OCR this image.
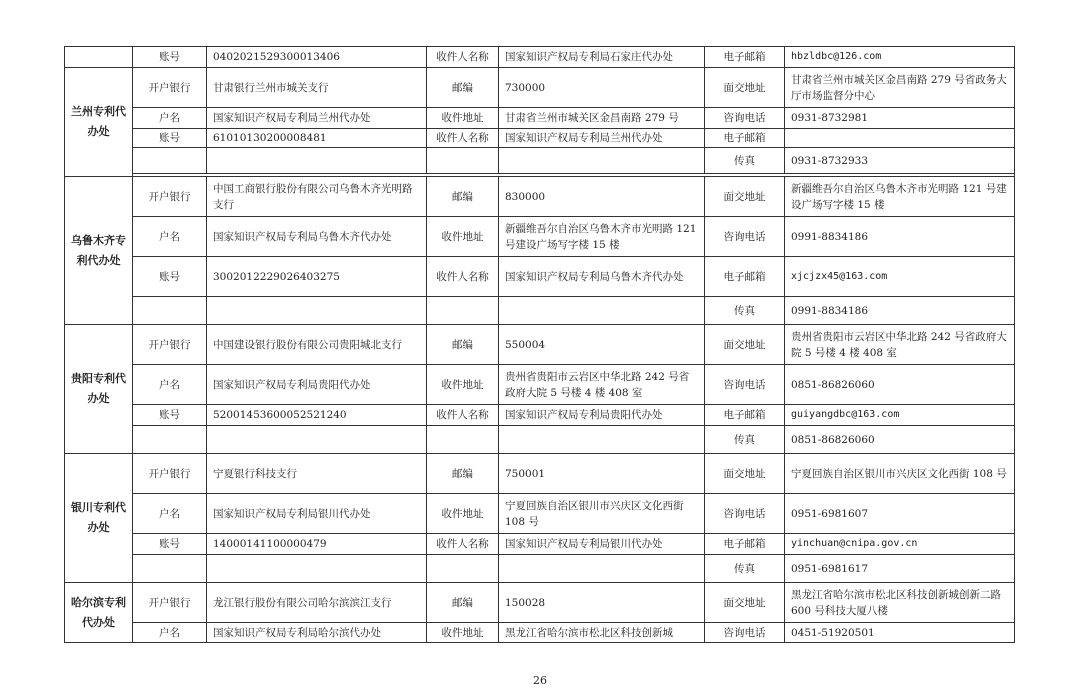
	账号	0402021529300013406	收件人名称	国家知识产权局专利局石家庄代办处	电子邮箱	hbzldbc@126.com
兰州专利代办处	开户银行	甘肃银行兰州市城关支行	邮编	730000	面交地址	甘肃省兰州市城关区金昌南路 279 号省政务大厅市场监督分中心
	户名	国家知识产权局专利局兰州代办处	收件地址	甘肃省兰州市城关区金昌南路 279 号	咨询电话	0931-8732981
	账号	61010130200008481	收件人名称	国家知识产权局专利局兰州代办处	电子邮箱	
					传真	0931-8732933

乌鲁木齐专利代办处	开户银行	中国工商银行股份有限公司乌鲁木齐光明路支行	邮编	830000	面交地址	新疆维吾尔自治区乌鲁木齐市光明路 121 号建设广场写字楼 15 楼
	户名	国家知识产权局专利局乌鲁木齐代办处	收件地址	新疆维吾尔自治区乌鲁木齐市光明路 121 号建设广场写字楼 15 楼	咨询电话	0991-8834186
	账号	3002012229026403275	收件人名称	国家知识产权局专利局乌鲁木齐代办处	电子邮箱	xjcjzx45@163.com
					传真	0991-8834186
贵阳专利代办处	开户银行	中国建设银行股份有限公司贵阳城北支行	邮编	550004	面交地址	贵州省贵阳市云岩区中华北路 242 号省政府大院 5 号楼 4 楼 408 室
	户名	国家知识产权局专利局贵阳代办处	收件地址	贵州省贵阳市云岩区中华北路 242 号省政府大院 5 号楼 4 楼 408 室	咨询电话	0851-86826060
	账号	52001453600052521240	收件人名称	国家知识产权局专利局贵阳代办处	电子邮箱	guiyangdbc@163.com
					传真	0851-86826060
银川专利代办处	开户银行	宁夏银行科技支行	邮编	750001	面交地址	宁夏回族自治区银川市兴庆区文化西街 108 号
	户名	国家知识产权局专利局银川代办处	收件地址	宁夏回族自治区银川市兴庆区文化西街 108 号	咨询电话	0951-6981607
	账号	14000141100000479	收件人名称	国家知识产权局专利局银川代办处	电子邮箱	yinchuan@cnipa.gov.cn
					传真	0951-6981617
哈尔滨专利代办处	开户银行	龙江银行股份有限公司哈尔滨滨江支行	邮编	150028	面交地址	黑龙江省哈尔滨市松北区科技创新城创新二路 600 号科技大厦八楼
	户名	国家知识产权局专利局哈尔滨代办处	收件地址	黑龙江省哈尔滨市松北区科技创新城	咨询电话	0451-51920501
26
